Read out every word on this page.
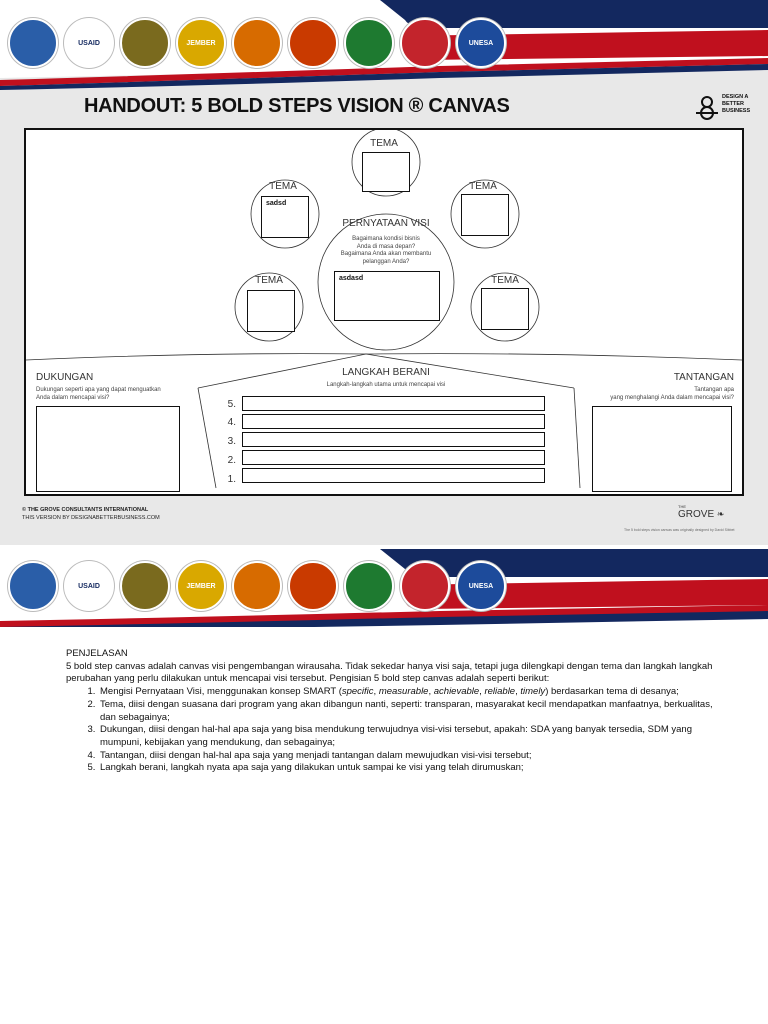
USAID	JEMBER	UNESA
HANDOUT: 5 BOLD STEPS VISION ® CANVAS	DESIGN A
BETTER
BUSINESS
TEMA
TEMA
sadsd
TEMA
TEMA	TEMA
PERNYATAAN VISI
Bagaimana kondisi bisnis
Anda di masa depan?
Bagaimana Anda akan membantu
pelanggan Anda?
asdasd
DUKUNGAN
Dukungan seperti apa yang dapat menguatkan
Anda dalam mencapai visi?
LANGKAH BERANI
Langkah-langkah utama untuk mencapai visi
5.
4.
3.
2.
1.
TANTANGAN
Tantangan apa
yang menghalangi Anda dalam mencapai visi?
© THE GROVE CONSULTANTS INTERNATIONAL
THIS VERSION BY DESIGNABETTERBUSINESS.COM
THE
GROVE ❧
The 5 bold steps vision canvas was originally designed by David Sibbet
USAID	JEMBER	UNESA

PENJELASAN

5 bold step canvas adalah canvas visi pengembangan wirausaha. Tidak sekedar hanya visi saja, tetapi juga dilengkapi dengan tema dan langkah langkah perubahan yang perlu dilakukan untuk mencapai visi tersebut. Pengisian 5 bold step canvas adalah seperti berikut:

1. Mengisi Pernyataan Visi, menggunakan konsep SMART (specific, measurable, achievable, reliable, timely) berdasarkan tema di desanya;
2. Tema, diisi dengan suasana dari program yang akan dibangun nanti, seperti: transparan, masyarakat kecil mendapatkan manfaatnya, berkualitas, dan sebagainya;
3. Dukungan, diisi dengan hal-hal apa saja yang bisa mendukung terwujudnya visi-visi tersebut, apakah: SDA yang banyak tersedia, SDM yang mumpuni, kebijakan yang mendukung, dan sebagainya;
4. Tantangan, diisi dengan hal-hal apa saja yang menjadi tantangan dalam mewujudkan visi-visi tersebut;
5. Langkah berani, langkah nyata apa saja yang dilakukan untuk sampai ke visi yang telah dirumuskan;
